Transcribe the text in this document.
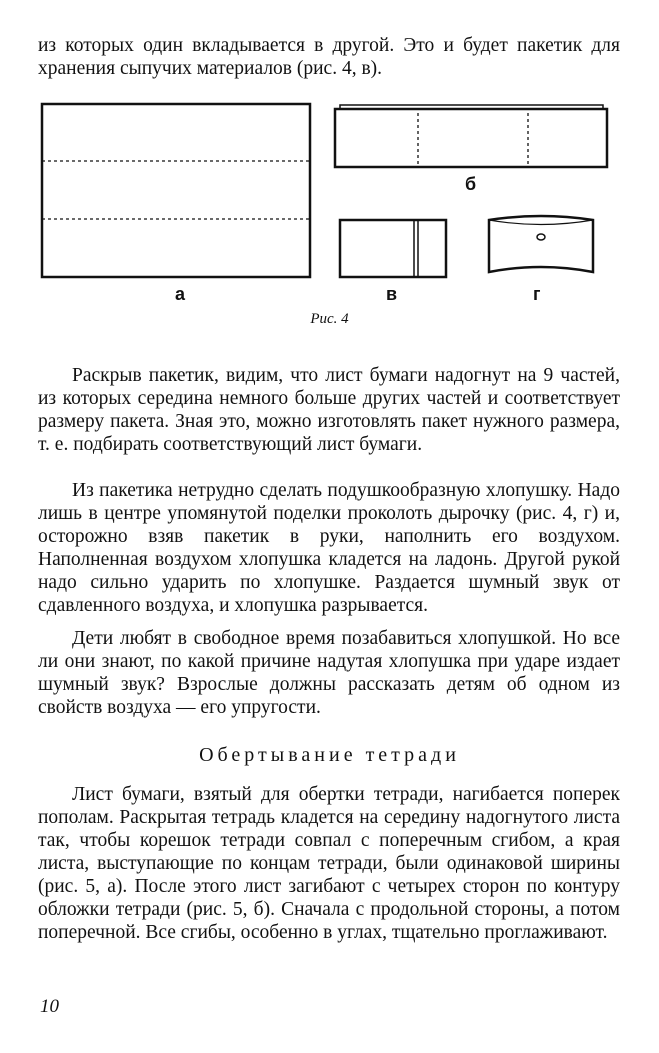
из которых один вкладывается в другой. Это и будет пакетик для хранения сыпучих материалов (рис. 4, в).

а
б
в	г
Рис. 4

Раскрыв пакетик, видим, что лист бумаги надогнут на 9 частей, из которых середина немного больше других частей и соответствует размеру пакета. Зная это, можно изготовлять пакет нужного размера, т. е. подбирать соответствующий лист бумаги.

Из пакетика нетрудно сделать подушкообразную хлопушку. Надо лишь в центре упомянутой поделки проколоть дырочку (рис. 4, г) и, осторожно взяв пакетик в руки, наполнить его воздухом. Наполненная воздухом хлопушка кладется на ладонь. Другой рукой надо сильно ударить по хлопушке. Раздается шумный звук от сдавленного воздуха, и хлопушка разрывается.

Дети любят в свободное время позабавиться хлопушкой. Но все ли они знают, по какой причине надутая хлопушка при ударе издает шумный звук? Взрослые должны рассказать детям об одном из свойств воздуха — его упругости.

Обертывание тетради

Лист бумаги, взятый для обертки тетради, нагибается поперек пополам. Раскрытая тетрадь кладется на середину надогнутого листа так, чтобы корешок тетради совпал с поперечным сгибом, а края листа, выступающие по концам тетради, были одинаковой ширины (рис. 5, а). После этого лист загибают с четырех сторон по контуру обложки тетради (рис. 5, б). Сначала с продольной стороны, а потом поперечной. Все сгибы, особенно в углах, тщательно проглаживают.

10
